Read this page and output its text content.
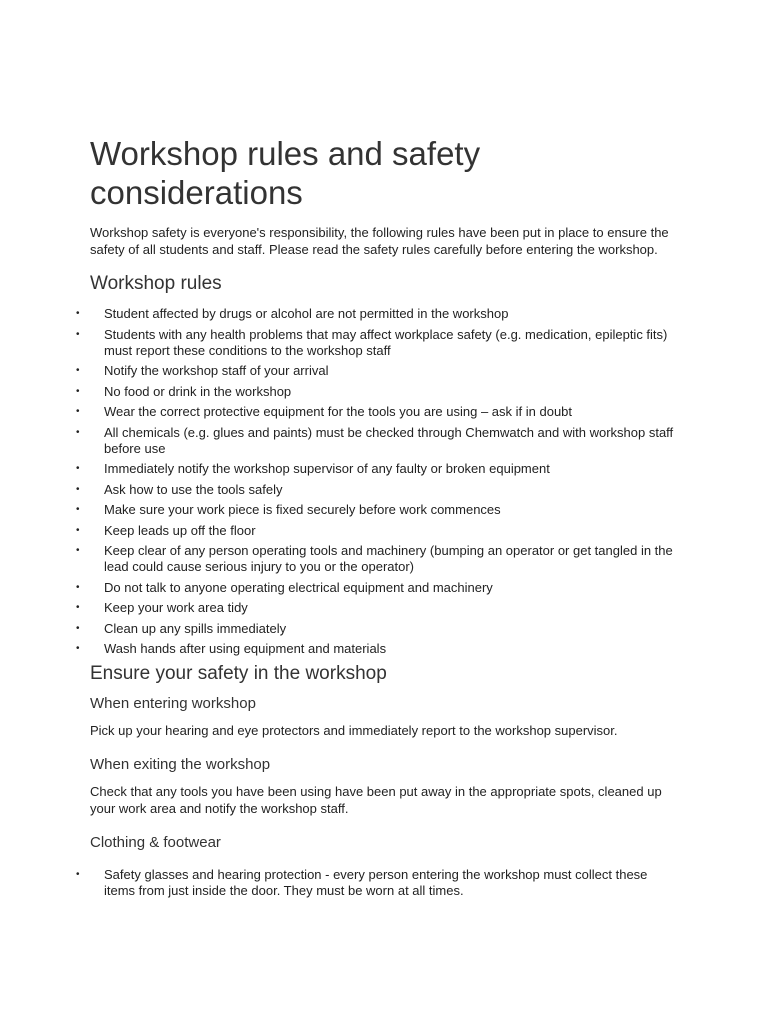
Workshop rules and safety considerations

Workshop safety is everyone's responsibility, the following rules have been put in place to ensure the safety of all students and staff. Please read the safety rules carefully before entering the workshop.

Workshop rules
• Student affected by drugs or alcohol are not permitted in the workshop
• Students with any health problems that may affect workplace safety (e.g. medication, epileptic fits) must report these conditions to the workshop staff
• Notify the workshop staff of your arrival
• No food or drink in the workshop
• Wear the correct protective equipment for the tools you are using – ask if in doubt
• All chemicals (e.g. glues and paints) must be checked through Chemwatch and with workshop staff before use
• Immediately notify the workshop supervisor of any faulty or broken equipment
• Ask how to use the tools safely
• Make sure your work piece is fixed securely before work commences
• Keep leads up off the floor
• Keep clear of any person operating tools and machinery (bumping an operator or get tangled in the lead could cause serious injury to you or the operator)
• Do not talk to anyone operating electrical equipment and machinery
• Keep your work area tidy
• Clean up any spills immediately
• Wash hands after using equipment and materials
Ensure your safety in the workshop
When entering workshop

Pick up your hearing and eye protectors and immediately report to the workshop supervisor.

When exiting the workshop

Check that any tools you have been using have been put away in the appropriate spots, cleaned up your work area and notify the workshop staff.

Clothing & footwear
• Safety glasses and hearing protection - every person entering the workshop must collect these items from just inside the door. They must be worn at all times.
